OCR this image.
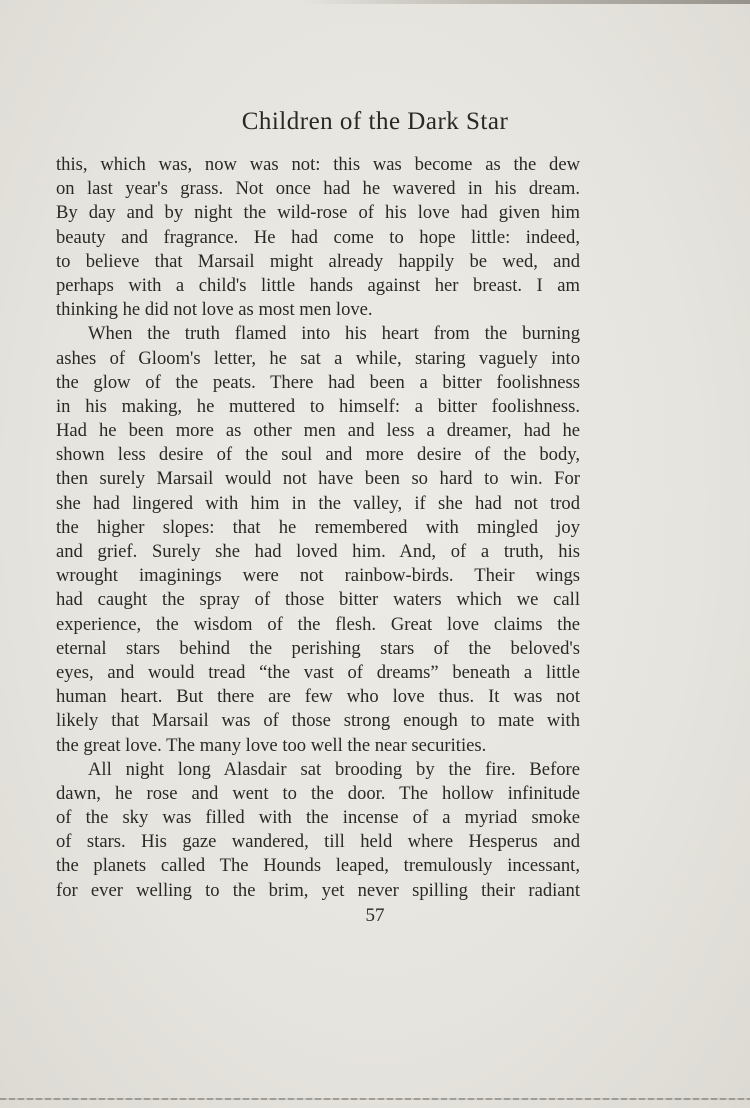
Children of the Dark Star
this, which was, now was not: this was become as the dew
on last year's grass. Not once had he wavered in his dream.
By day and by night the wild-rose of his love had given him
beauty and fragrance. He had come to hope little: indeed,
to believe that Marsail might already happily be wed, and
perhaps with a child's little hands against her breast. I am
thinking he did not love as most men love.
When the truth flamed into his heart from the burning
ashes of Gloom's letter, he sat a while, staring vaguely into
the glow of the peats. There had been a bitter foolishness
in his making, he muttered to himself: a bitter foolishness.
Had he been more as other men and less a dreamer, had he
shown less desire of the soul and more desire of the body,
then surely Marsail would not have been so hard to win. For
she had lingered with him in the valley, if she had not trod
the higher slopes: that he remembered with mingled joy
and grief. Surely she had loved him. And, of a truth, his
wrought imaginings were not rainbow-birds. Their wings
had caught the spray of those bitter waters which we call
experience, the wisdom of the flesh. Great love claims the
eternal stars behind the perishing stars of the beloved's
eyes, and would tread “the vast of dreams” beneath a little
human heart. But there are few who love thus. It was not
likely that Marsail was of those strong enough to mate with
the great love. The many love too well the near securities.
All night long Alasdair sat brooding by the fire. Before
dawn, he rose and went to the door. The hollow infinitude
of the sky was filled with the incense of a myriad smoke
of stars. His gaze wandered, till held where Hesperus and
the planets called The Hounds leaped, tremulously incessant,
for ever welling to the brim, yet never spilling their radiant
57
